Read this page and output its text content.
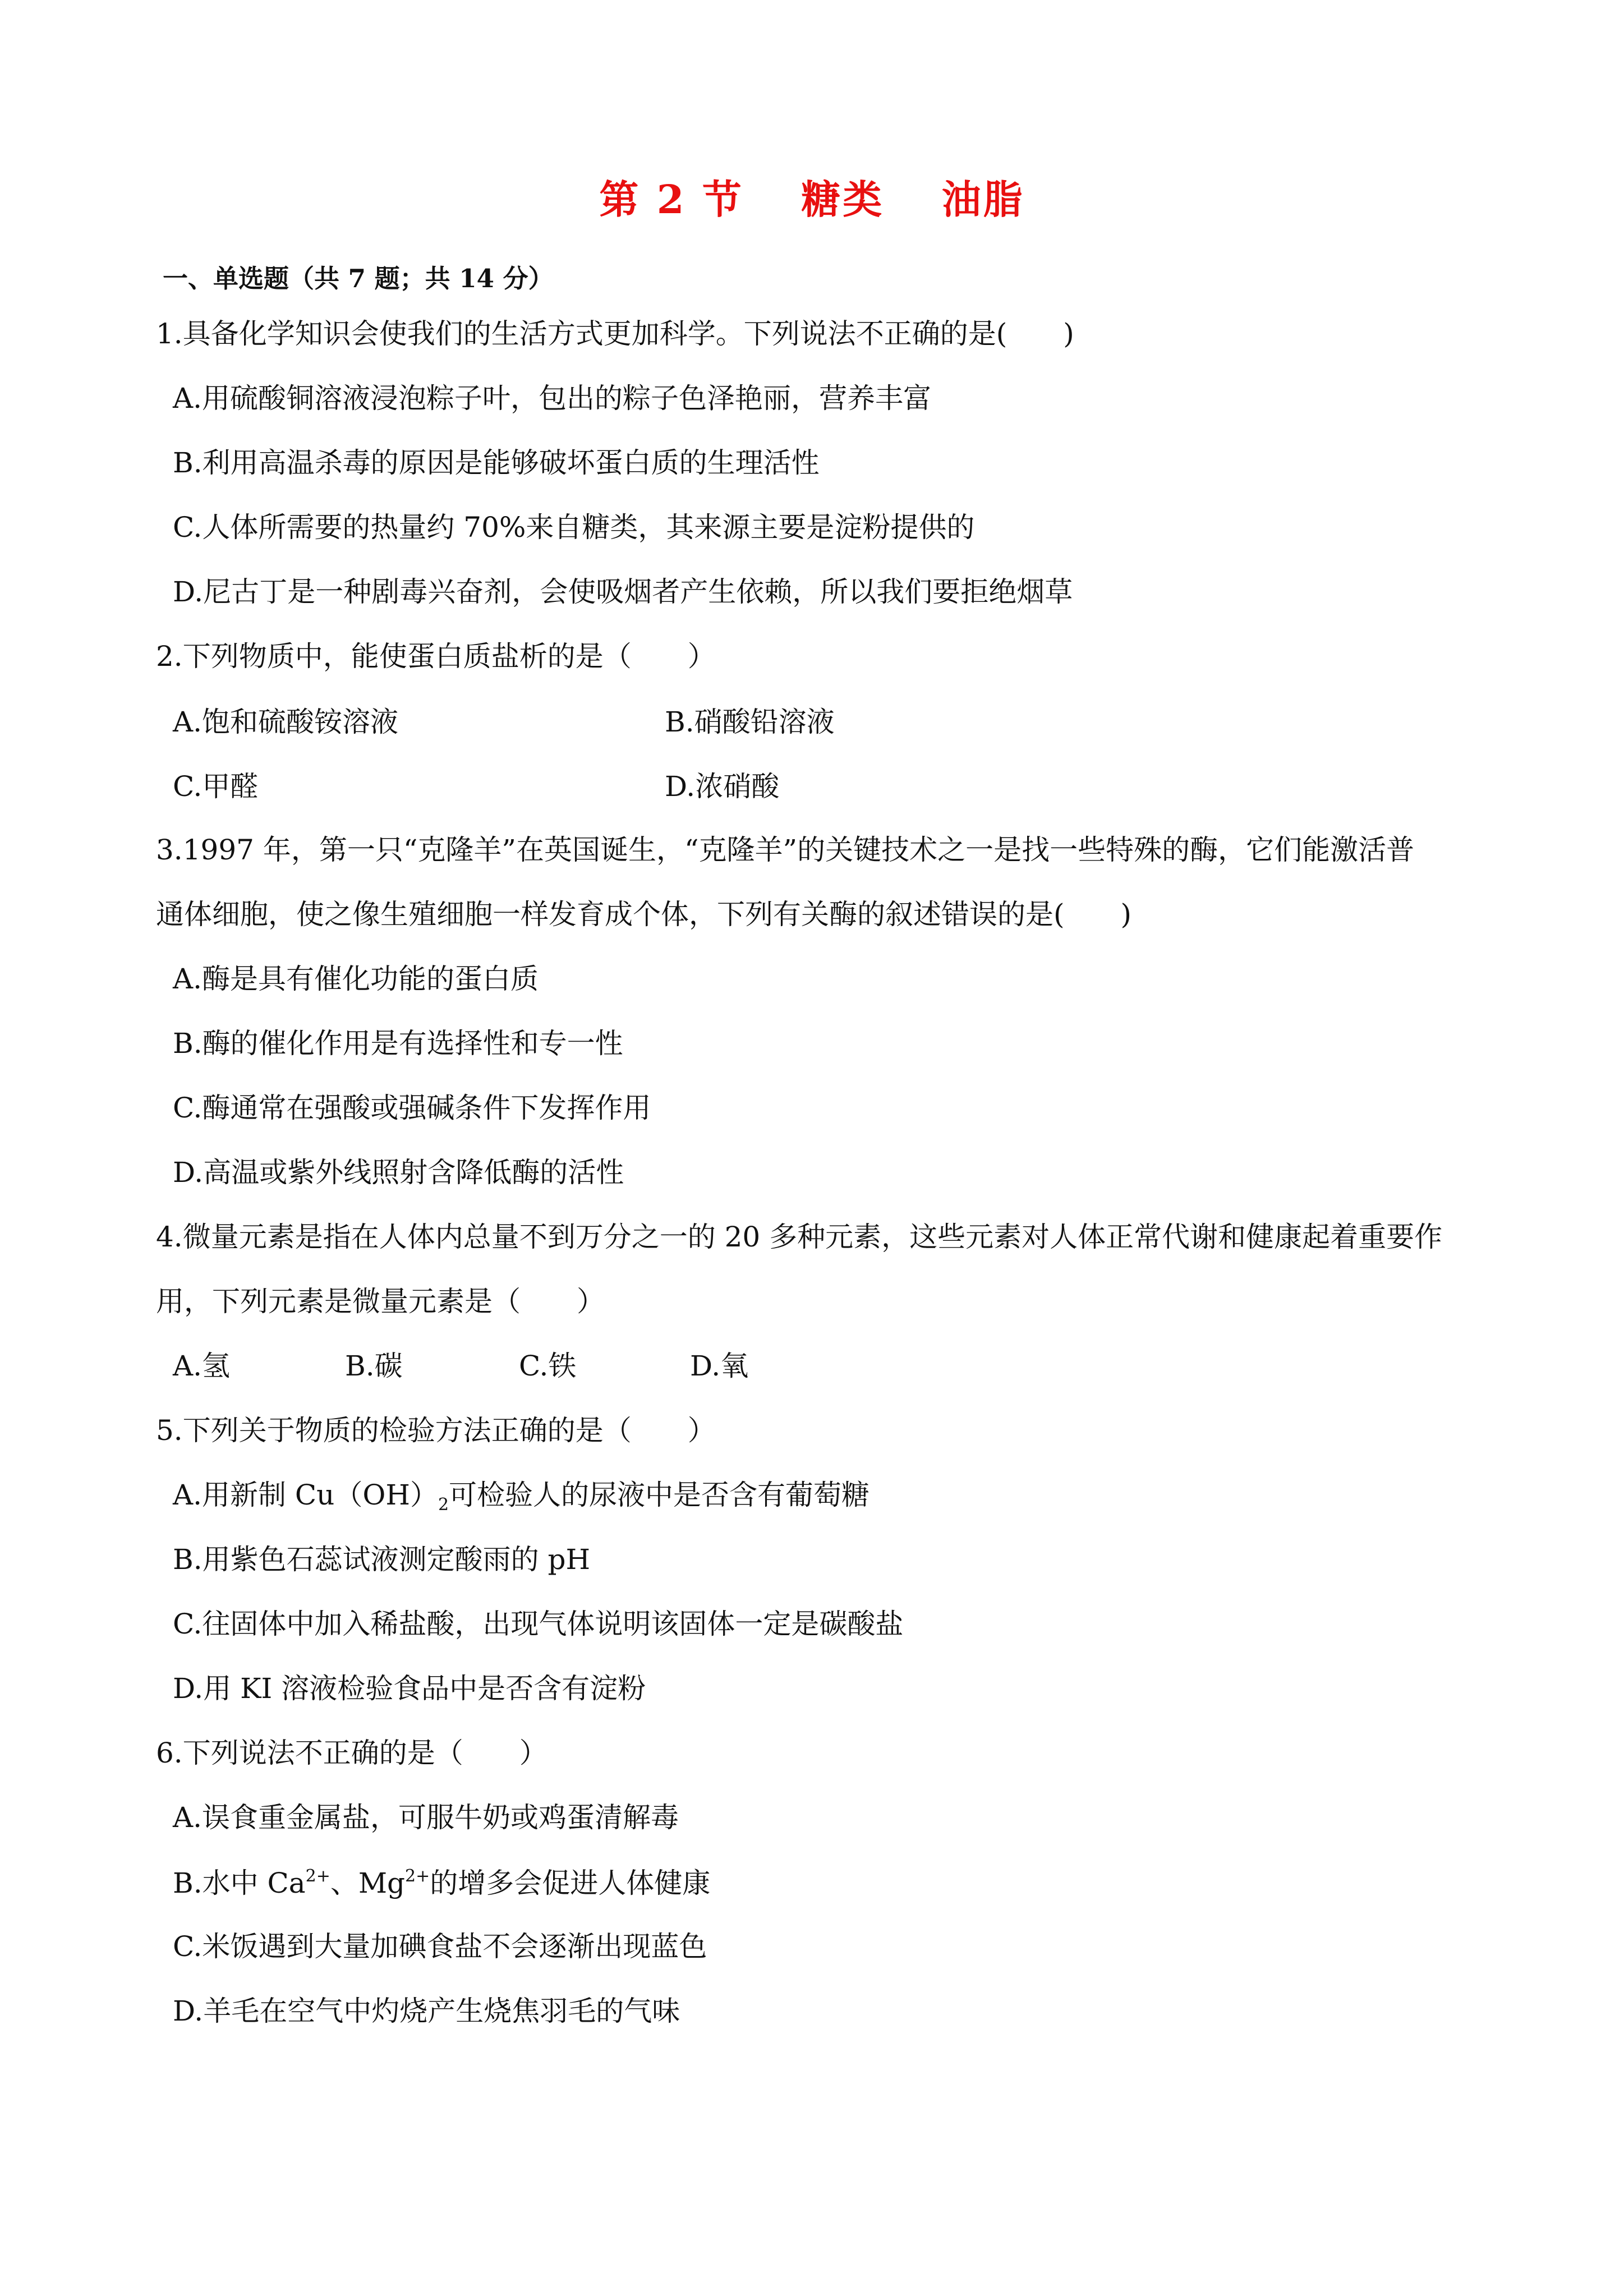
第 2 节　 糖类　 油脂
一、单选题（共 7 题；共 14 分）
1.具备化学知识会使我们的生活方式更加科学。下列说法不正确的是(　　)
A.用硫酸铜溶液浸泡粽子叶，包出的粽子色泽艳丽，营养丰富
B.利用高温杀毒的原因是能够破坏蛋白质的生理活性
C.人体所需要的热量约 70%来自糖类，其来源主要是淀粉提供的
D.尼古丁是一种剧毒兴奋剂，会使吸烟者产生依赖，所以我们要拒绝烟草
2.下列物质中，能使蛋白质盐析的是（　　）
A.饱和硫酸铵溶液	B.硝酸铅溶液
C.甲醛	D.浓硝酸
3.1997 年，第一只“克隆羊”在英国诞生，“克隆羊”的关键技术之一是找一些特殊的酶，它们能激活普
通体细胞，使之像生殖细胞一样发育成个体，下列有关酶的叙述错误的是(　　)
A.酶是具有催化功能的蛋白质
B.酶的催化作用是有选择性和专一性
C.酶通常在强酸或强碱条件下发挥作用
D.高温或紫外线照射含降低酶的活性
4.微量元素是指在人体内总量不到万分之一的 20 多种元素，这些元素对人体正常代谢和健康起着重要作
用，下列元素是微量元素是（　　）
A.氢	B.碳	C.铁	D.氧
5.下列关于物质的检验方法正确的是（　　）
A.用新制 $Cu(OH)_2$可检验人的尿液中是否含有葡萄糖
B.用紫色石蕊试液测定酸雨的 pH
C.往固体中加入稀盐酸，出现气体说明该固体一定是碳酸盐
D.用 KI 溶液检验食品中是否含有淀粉
6.下列说法不正确的是（　　）
A.误食重金属盐，可服牛奶或鸡蛋清解毒
B.水中 $Ca^{2+}$、$Mg^{2+}$的增多会促进人体健康
C.米饭遇到大量加碘食盐不会逐渐出现蓝色
D.羊毛在空气中灼烧产生烧焦羽毛的气味
